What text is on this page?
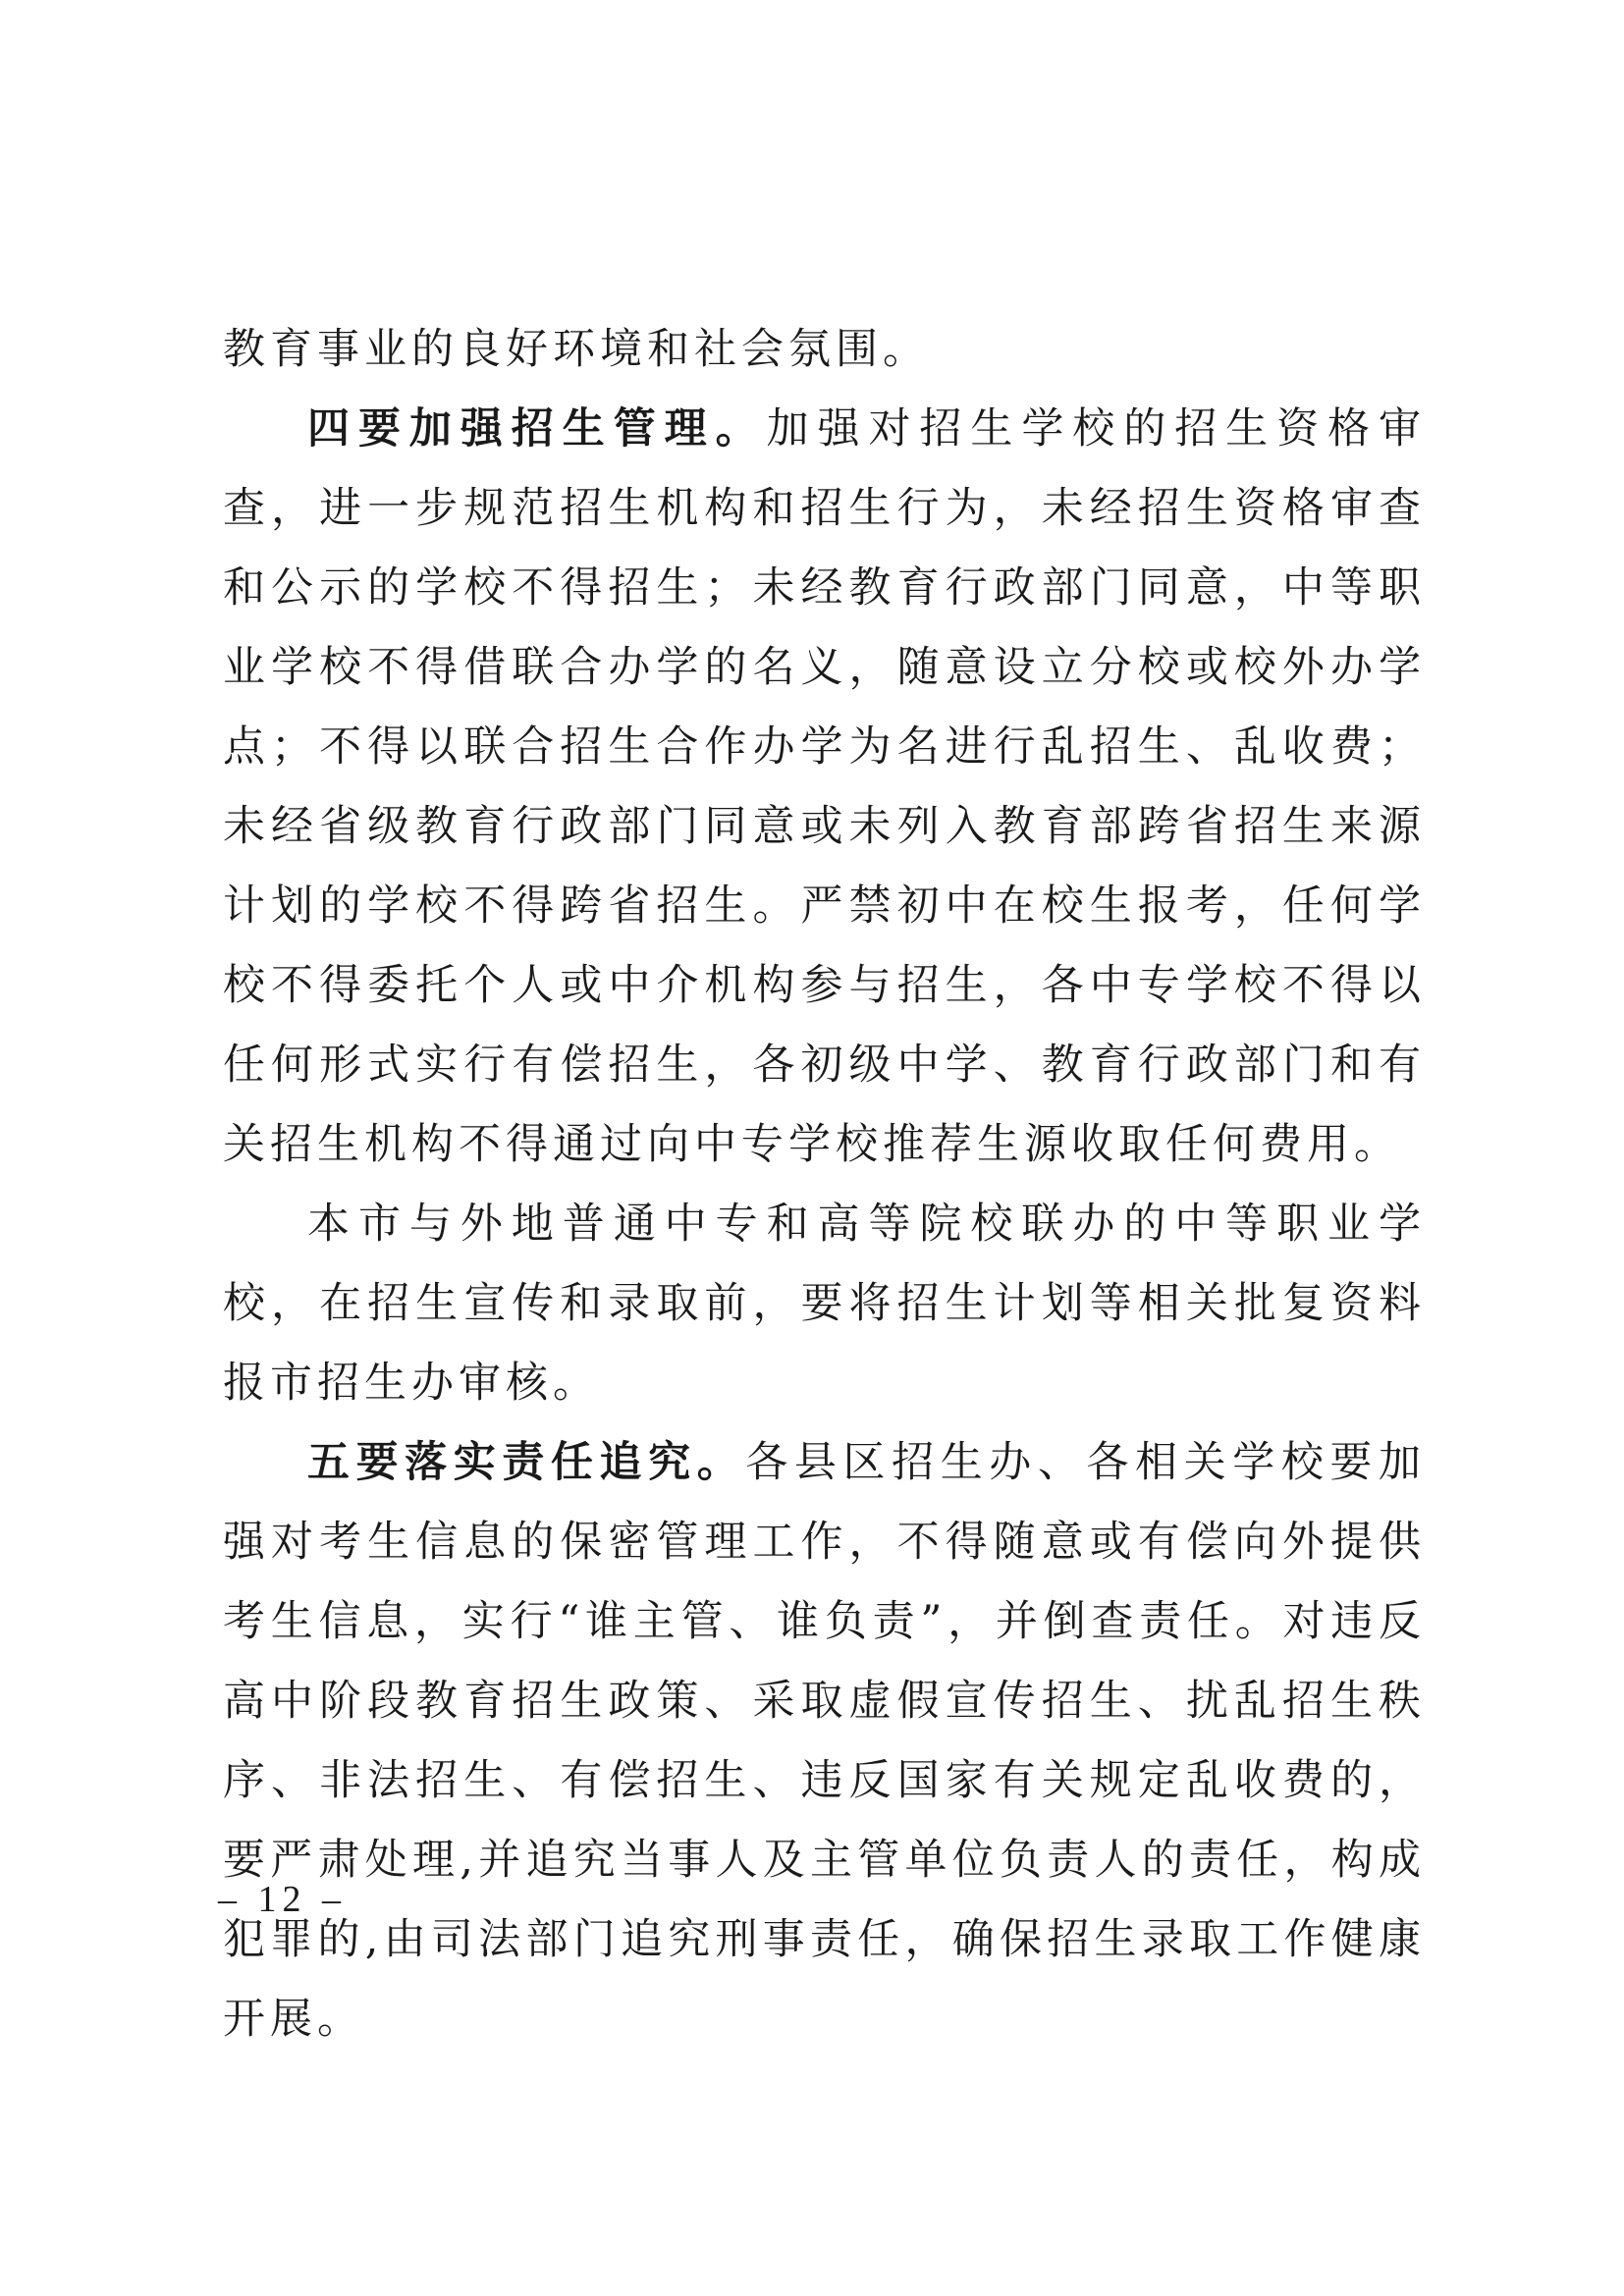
教育事业的良好环境和社会氛围。

四要加强招生管理。加强对招生学校的招生资格审查，进一步规范招生机构和招生行为，未经招生资格审查和公示的学校不得招生；未经教育行政部门同意，中等职业学校不得借联合办学的名义，随意设立分校或校外办学点；不得以联合招生合作办学为名进行乱招生、乱收费；未经省级教育行政部门同意或未列入教育部跨省招生来源计划的学校不得跨省招生。严禁初中在校生报考，任何学校不得委托个人或中介机构参与招生，各中专学校不得以任何形式实行有偿招生，各初级中学、教育行政部门和有关招生机构不得通过向中专学校推荐生源收取任何费用。

本市与外地普通中专和高等院校联办的中等职业学校，在招生宣传和录取前，要将招生计划等相关批复资料报市招生办审核。

五要落实责任追究。各县区招生办、各相关学校要加强对考生信息的保密管理工作，不得随意或有偿向外提供考生信息，实行“谁主管、谁负责”，并倒查责任。对违反高中阶段教育招生政策、采取虚假宣传招生、扰乱招生秩序、非法招生、有偿招生、违反国家有关规定乱收费的，要严肃处理,并追究当事人及主管单位负责人的责任，构成犯罪的,由司法部门追究刑事责任，确保招生录取工作健康开展。

– 12 –
